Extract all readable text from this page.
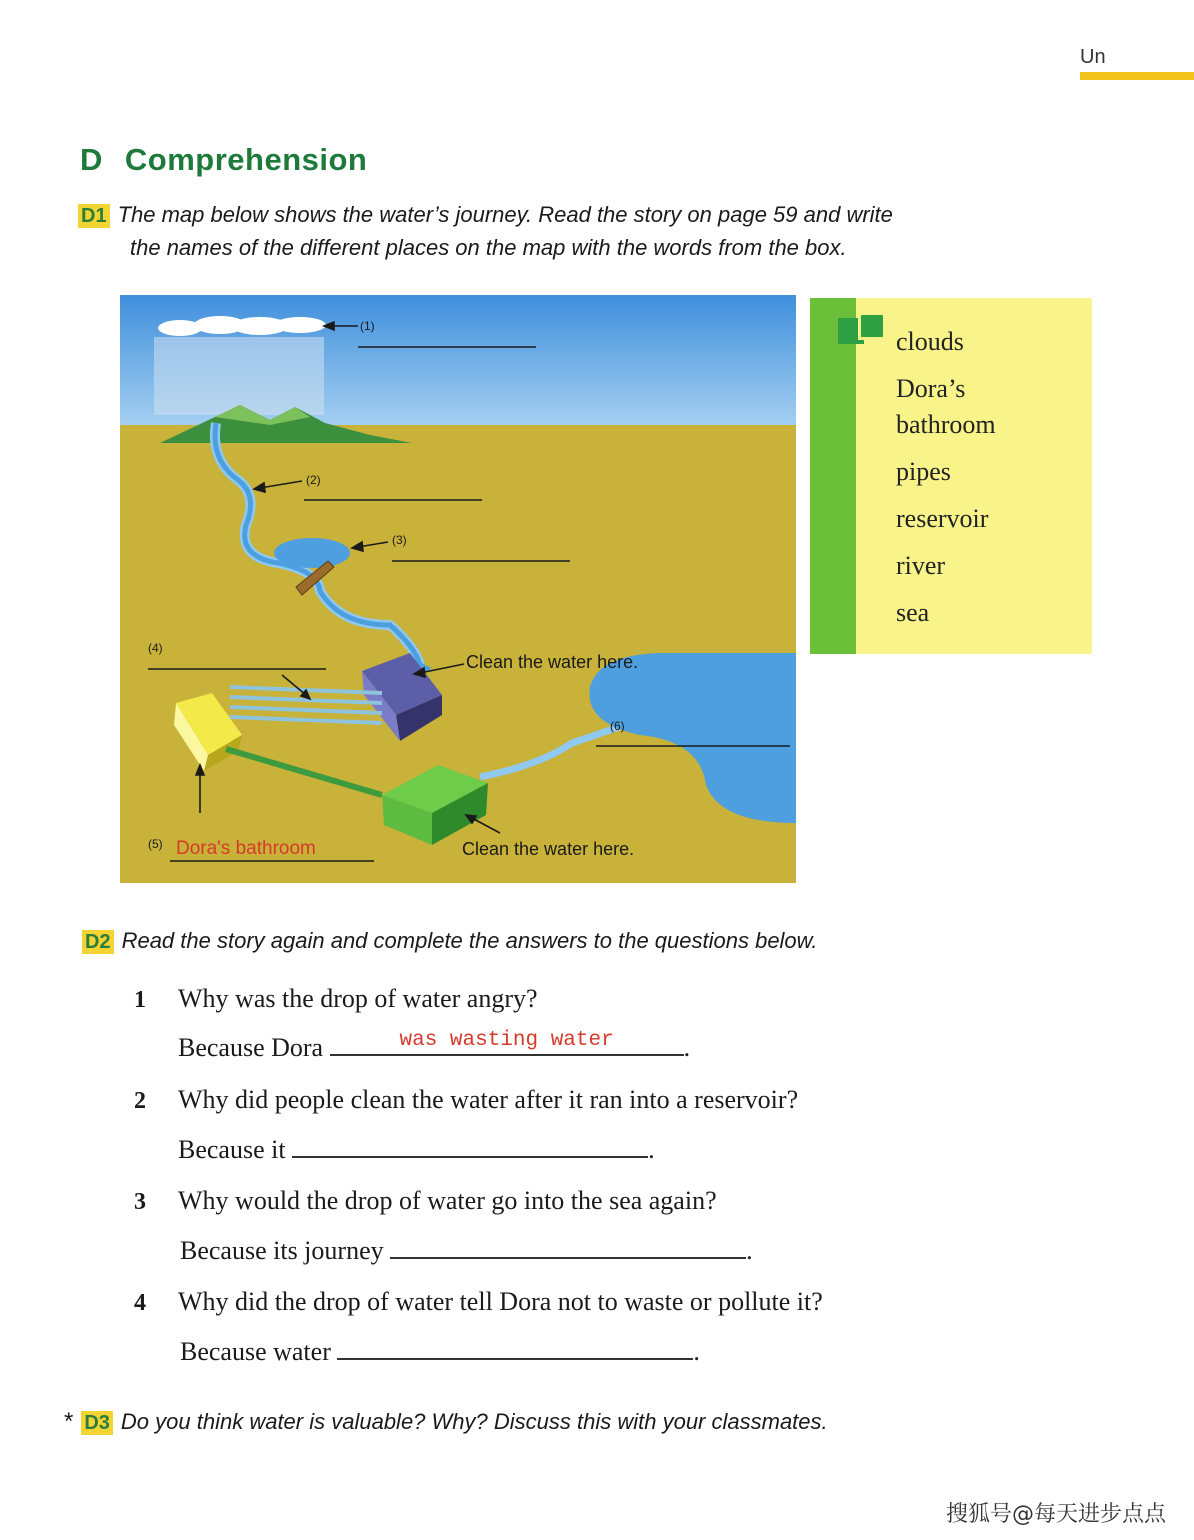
Un
D Comprehension
D1 The map below shows the water’s journey. Read the story on page 59 and write
the names of the different places on the map with the words from the box.
(1)
(2)
(3)
(4)
(5)
(6)
Clean the water here.
Clean the water here.
Dora's bathroom
clouds
Dora’s
bathroom
pipes
reservoir
river
sea
D2 Read the story again and complete the answers to the questions below.
1 Why was the drop of water angry?
Because Dora	was wasting water	.
2 Why did people clean the water after it ran into a reservoir?
Because it	.
3 Why would the drop of water go into the sea again?
Because its journey	.
4 Why did the drop of water tell Dora not to waste or pollute it?
Because water	.
* D3 Do you think water is valuable? Why? Discuss this with your classmates.
搜狐号@每天进步点点
